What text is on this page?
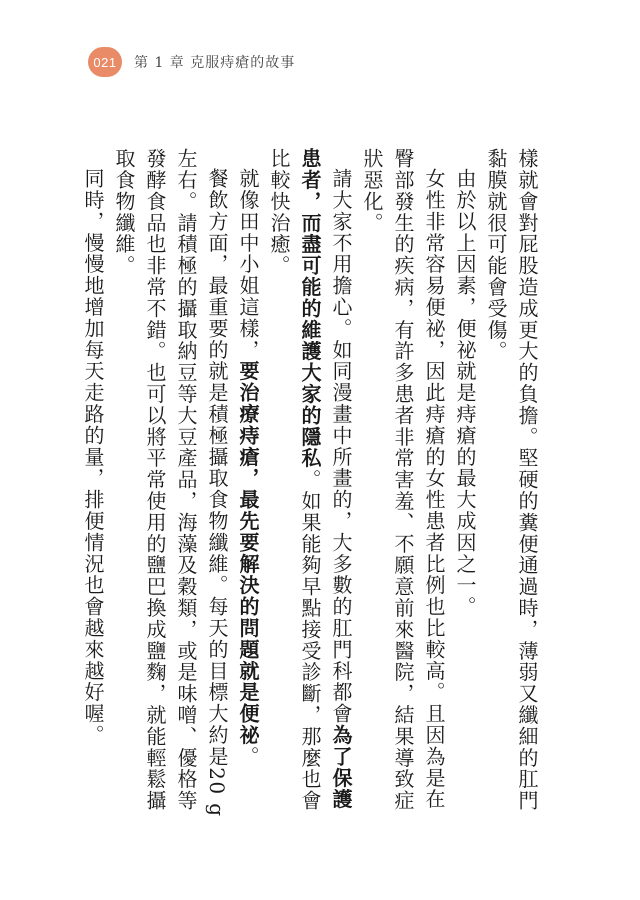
021	第 1 章 克服痔瘡的故事

樣就會對屁股造成更大的負擔。堅硬的糞便通過時，薄弱又纖細的肛門黏膜就很可能會受傷。

由於以上因素，便祕就是痔瘡的最大成因之一。

女性非常容易便祕，因此痔瘡的女性患者比例也比較高。且因為是在臀部發生的疾病，有許多患者非常害羞、不願意前來醫院，結果導致症狀惡化。

請大家不用擔心。如同漫畫中所畫的，大多數的肛門科都會為了保護患者，而盡可能的維護大家的隱私。如果能夠早點接受診斷，那麼也會比較快治癒。

就像田中小姐這樣，要治療痔瘡，最先要解決的問題就是便祕。

餐飲方面，最重要的就是積極攝取食物纖維。每天的目標大約是20 g左右。請積極的攝取納豆等大豆產品，海藻及穀類，或是味噌、優格等發酵食品也非常不錯。也可以將平常使用的鹽巴換成鹽麴，就能輕鬆攝取食物纖維。

同時，慢慢地增加每天走路的量，排便情況也會越來越好喔。
